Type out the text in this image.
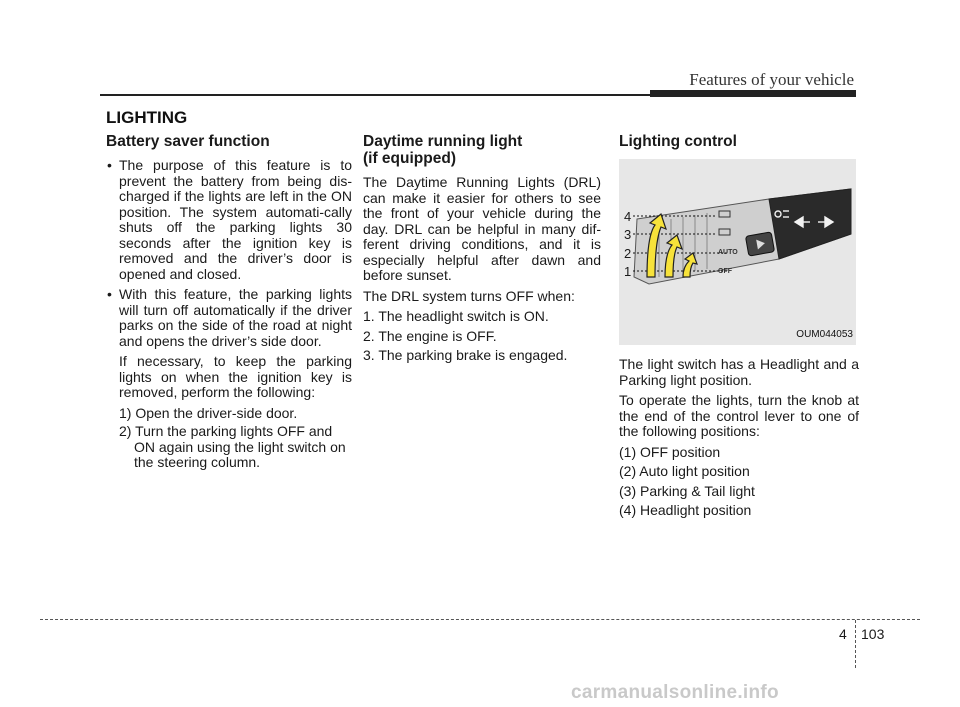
Features of your vehicle
LIGHTING
Battery saver function
• The purpose of this feature is to prevent the battery from being dis-charged if the lights are left in the ON position. The system automati-cally shuts off the parking lights 30 seconds after the ignition key is removed and the driver’s door is opened and closed.
• With this feature, the parking lights will turn off automatically if the driver parks on the side of the road at night and opens the driver’s side door.

If necessary, to keep the parking lights on when the ignition key is removed, perform the following:

1) Open the driver-side door.
2) Turn the parking lights OFF and ON again using the light switch on the steering column.
Daytime running light
(if equipped)

The Daytime Running Lights (DRL) can make it easier for others to see the front of your vehicle during the day. DRL can be helpful in many dif-ferent driving conditions, and it is especially helpful after dawn and before sunset.

The DRL system turns OFF when:

1. The headlight switch is ON.
2. The engine is OFF.
3. The parking brake is engaged.
Lighting control
4
3
2
1
AUTO
OFF
OUM044053

The light switch has a Headlight and a Parking light position.

To operate the lights, turn the knob at the end of the control lever to one of the following positions:

(1) OFF position
(2) Auto light position
(3) Parking & Tail light
(4) Headlight position
4 103
carmanualsonline.info
